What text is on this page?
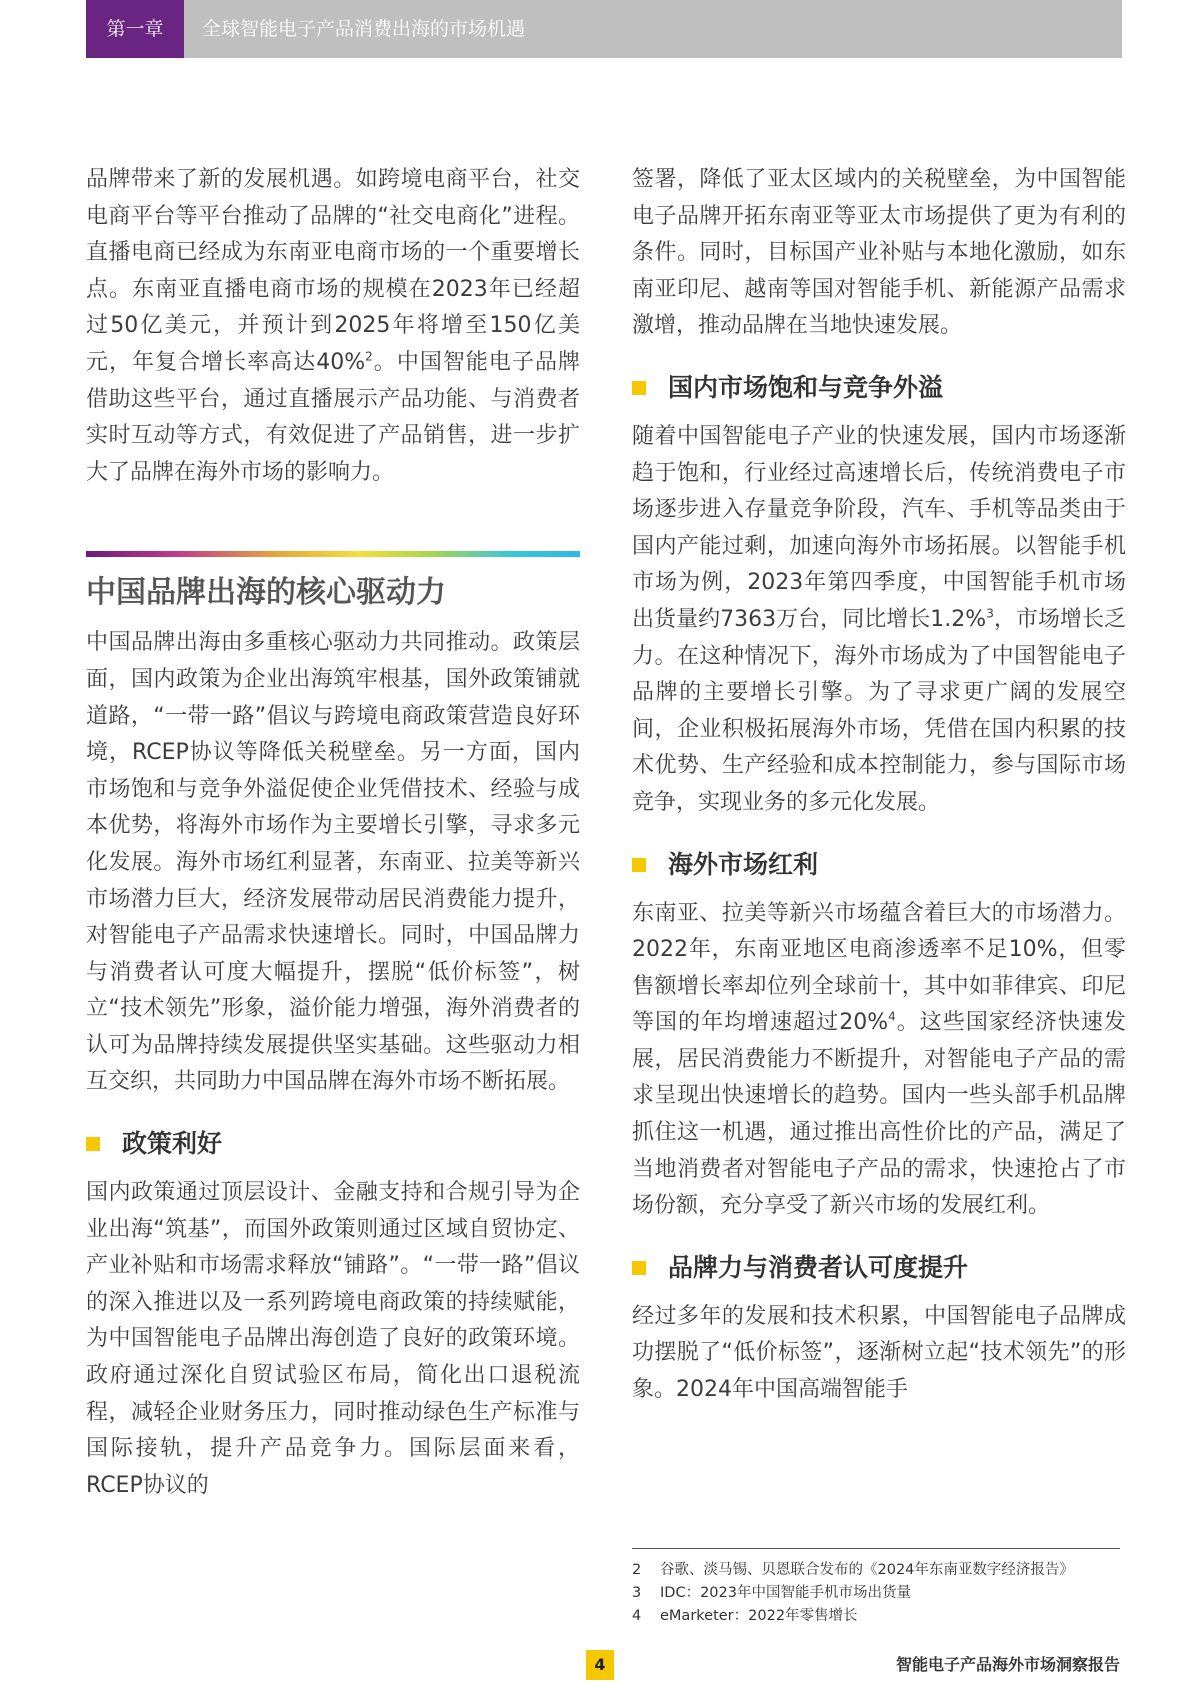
第一章	全球智能电子产品消费出海的市场机遇

品牌带来了新的发展机遇。如跨境电商平台，社交电商平台等平台推动了品牌的“社交电商化”进程。直播电商已经成为东南亚电商市场的一个重要增长点。东南亚直播电商市场的规模在2023年已经超过50亿美元，并预计到2025年将增至150亿美元，年复合增长率高达40%$^2$。中国智能电子品牌借助这些平台，通过直播展示产品功能、与消费者实时互动等方式，有效促进了产品销售，进一步扩大了品牌在海外市场的影响力。

中国品牌出海的核心驱动力

中国品牌出海由多重核心驱动力共同推动。政策层面，国内政策为企业出海筑牢根基，国外政策铺就道路，“一带一路”倡议与跨境电商政策营造良好环境，RCEP协议等降低关税壁垒。另一方面，国内市场饱和与竞争外溢促使企业凭借技术、经验与成本优势，将海外市场作为主要增长引擎，寻求多元化发展。海外市场红利显著，东南亚、拉美等新兴市场潜力巨大，经济发展带动居民消费能力提升，对智能电子产品需求快速增长。同时，中国品牌力与消费者认可度大幅提升，摆脱“低价标签”，树立“技术领先”形象，溢价能力增强，海外消费者的认可为品牌持续发展提供坚实基础。这些驱动力相互交织，共同助力中国品牌在海外市场不断拓展。

政策利好

国内政策通过顶层设计、金融支持和合规引导为企业出海“筑基”，而国外政策则通过区域自贸协定、产业补贴和市场需求释放“铺路”。“一带一路”倡议的深入推进以及一系列跨境电商政策的持续赋能，为中国智能电子品牌出海创造了良好的政策环境。政府通过深化自贸试验区布局，简化出口退税流程，减轻企业财务压力，同时推动绿色生产标准与国际接轨，提升产品竞争力。国际层面来看，RCEP协议的

签署，降低了亚太区域内的关税壁垒，为中国智能电子品牌开拓东南亚等亚太市场提供了更为有利的条件。同时，目标国产业补贴与本地化激励，如东南亚印尼、越南等国对智能手机、新能源产品需求激增，推动品牌在当地快速发展。

国内市场饱和与竞争外溢

随着中国智能电子产业的快速发展，国内市场逐渐趋于饱和，行业经过高速增长后，传统消费电子市场逐步进入存量竞争阶段，汽车、手机等品类由于国内产能过剩，加速向海外市场拓展。以智能手机市场为例，2023年第四季度，中国智能手机市场出货量约7363万台，同比增长1.2%$^3$，市场增长乏力。在这种情况下，海外市场成为了中国智能电子品牌的主要增长引擎。为了寻求更广阔的发展空间，企业积极拓展海外市场，凭借在国内积累的技术优势、生产经验和成本控制能力，参与国际市场竞争，实现业务的多元化发展。

海外市场红利

东南亚、拉美等新兴市场蕴含着巨大的市场潜力。2022年，东南亚地区电商渗透率不足10%，但零售额增长率却位列全球前十，其中如菲律宾、印尼等国的年均增速超过20%$^4$。这些国家经济快速发展，居民消费能力不断提升，对智能电子产品的需求呈现出快速增长的趋势。国内一些头部手机品牌抓住这一机遇，通过推出高性价比的产品，满足了当地消费者对智能电子产品的需求，快速抢占了市场份额，充分享受了新兴市场的发展红利。

品牌力与消费者认可度提升

经过多年的发展和技术积累，中国智能电子品牌成功摆脱了“低价标签”，逐渐树立起“技术领先”的形象。2024年中国高端智能手

2	谷歌、淡马锡、贝恩联合发布的《2024年东南亚数字经济报告》
3	IDC：2023年中国智能手机市场出货量
4	eMarketer：2022年零售增长
4	智能电子产品海外市场洞察报告
